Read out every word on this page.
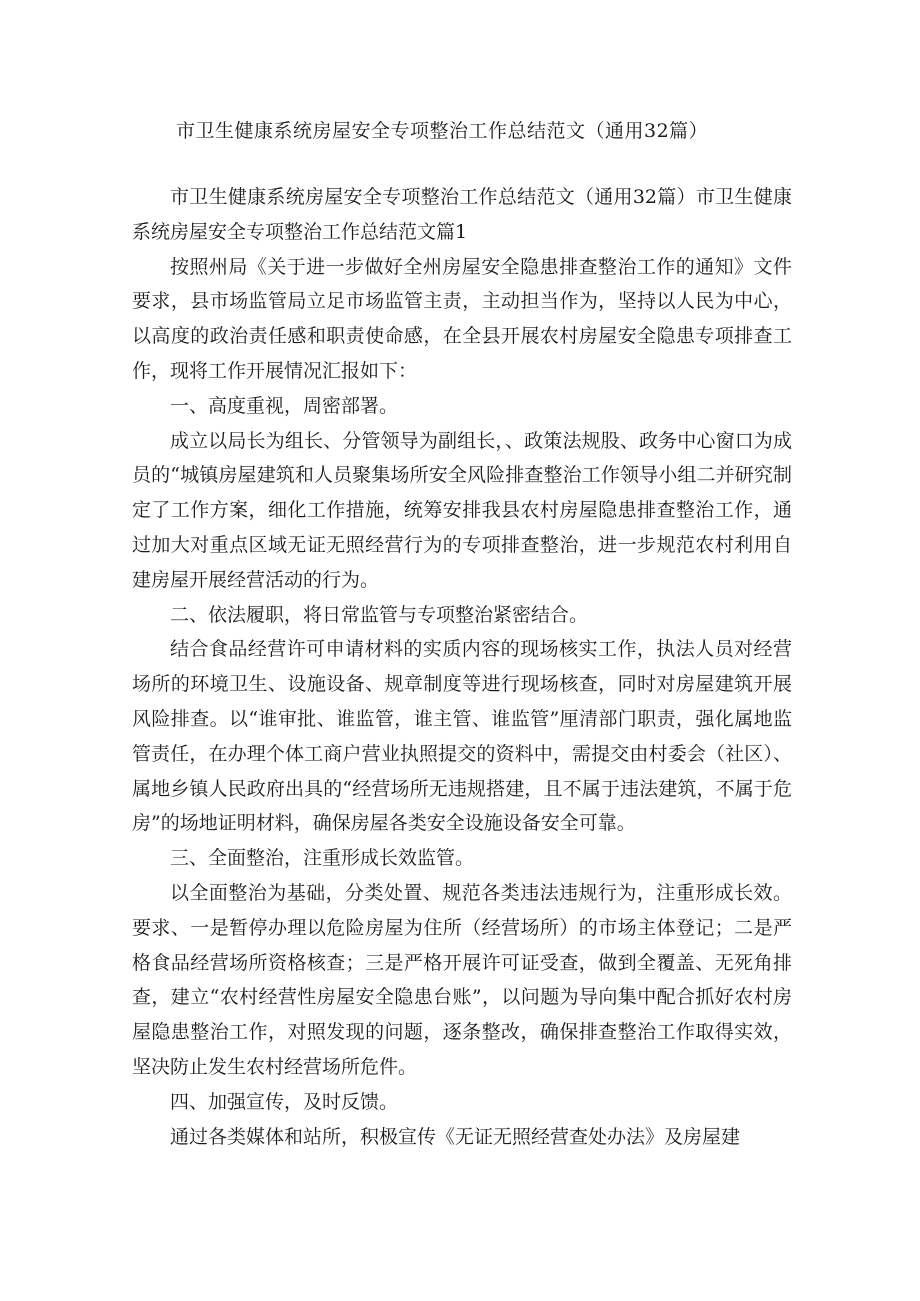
市卫生健康系统房屋安全专项整治工作总结范文（通用32篇）

市卫生健康系统房屋安全专项整治工作总结范文（通用32篇）市卫生健康系统房屋安全专项整治工作总结范文篇1

按照州局《关于进一步做好全州房屋安全隐患排查整治工作的通知》文件要求，县市场监管局立足市场监管主责，主动担当作为，坚持以人民为中心，以高度的政治责任感和职责使命感，在全县开展农村房屋安全隐患专项排查工作，现将工作开展情况汇报如下：

一、高度重视，周密部署。

成立以局长为组长、分管领导为副组长，、政策法规股、政务中心窗口为成员的“城镇房屋建筑和人员聚集场所安全风险排查整治工作领导小组二并研究制定了工作方案，细化工作措施，统筹安排我县农村房屋隐患排查整治工作，通过加大对重点区域无证无照经营行为的专项排查整治，进一步规范农村利用自建房屋开展经营活动的行为。

二、依法履职，将日常监管与专项整治紧密结合。

结合食品经营许可申请材料的实质内容的现场核实工作，执法人员对经营场所的环境卫生、设施设备、规章制度等进行现场核查，同时对房屋建筑开展风险排查。以“谁审批、谁监管，谁主管、谁监管”厘清部门职责，强化属地监管责任，在办理个体工商户营业执照提交的资料中，需提交由村委会（社区）、属地乡镇人民政府出具的“经营场所无违规搭建，且不属于违法建筑，不属于危房”的场地证明材料，确保房屋各类安全设施设备安全可靠。

三、全面整治，注重形成长效监管。

以全面整治为基础，分类处置、规范各类违法违规行为，注重形成长效。要求、一是暂停办理以危险房屋为住所（经营场所）的市场主体登记；二是严格食品经营场所资格核查；三是严格开展许可证受查，做到全覆盖、无死角排查，建立“农村经营性房屋安全隐患台账”，以问题为导向集中配合抓好农村房屋隐患整治工作，对照发现的问题，逐条整改，确保排查整治工作取得实效，坚决防止发生农村经营场所危件。

四、加强宣传，及时反馈。

通过各类媒体和站所，积极宣传《无证无照经营查处办法》及房屋建
